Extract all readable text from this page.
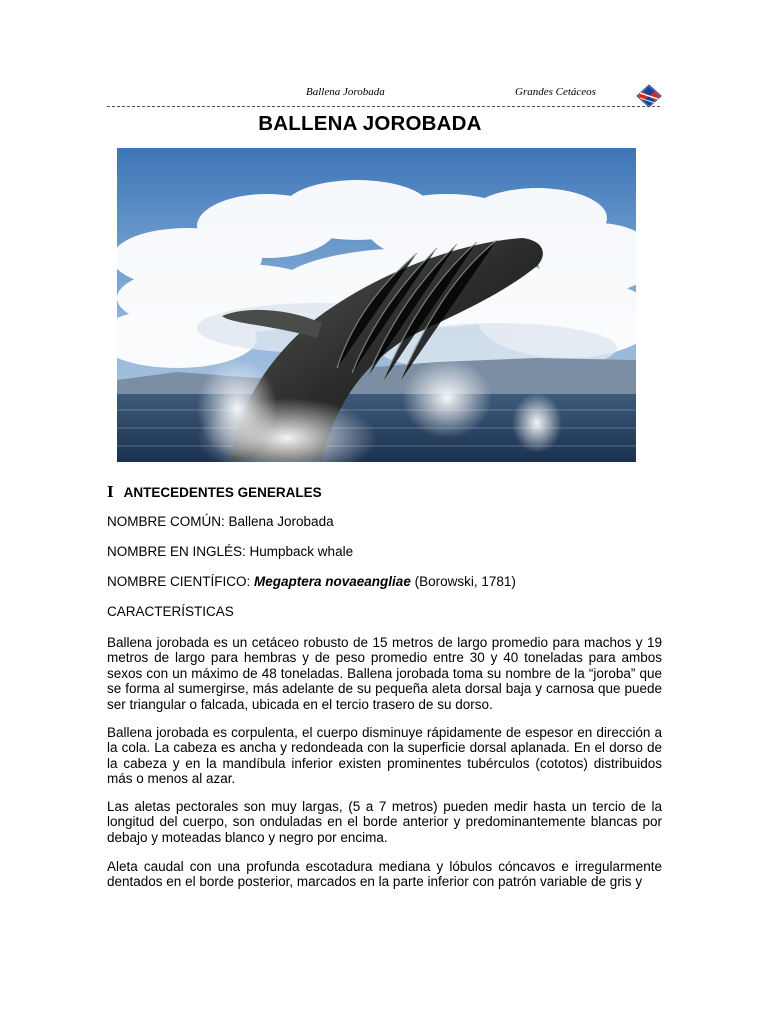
Ballena Jorobada	Grandes Cetáceos
BALLENA JOROBADA
I ANTECEDENTES GENERALES
NOMBRE COMÚN: Ballena Jorobada
NOMBRE EN INGLÉS: Humpback whale
NOMBRE CIENTÍFICO: Megaptera novaeangliae (Borowski, 1781)
CARACTERÍSTICAS

Ballena jorobada es un cetáceo robusto de 15 metros de largo promedio para machos y 19 metros de largo para hembras y de peso promedio entre 30 y 40 toneladas para ambos sexos con un máximo de 48 toneladas. Ballena jorobada toma su nombre de la “joroba” que se forma al sumergirse, más adelante de su pequeña aleta dorsal baja y carnosa que puede ser triangular o falcada, ubicada en el tercio trasero de su dorso.

Ballena jorobada es corpulenta, el cuerpo disminuye rápidamente de espesor en dirección a la cola. La cabeza es ancha y redondeada con la superficie dorsal aplanada. En el dorso de la cabeza y en la mandíbula inferior existen prominentes tubérculos (cototos) distribuidos más o menos al azar.

Las aletas pectorales son muy largas, (5 a 7 metros) pueden medir hasta un tercio de la longitud del cuerpo, son onduladas en el borde anterior y predominantemente blancas por debajo y moteadas blanco y negro por encima.

Aleta caudal con una profunda escotadura mediana y lóbulos cóncavos e irregularmente dentados en el borde posterior, marcados en la parte inferior con patrón variable de gris y
